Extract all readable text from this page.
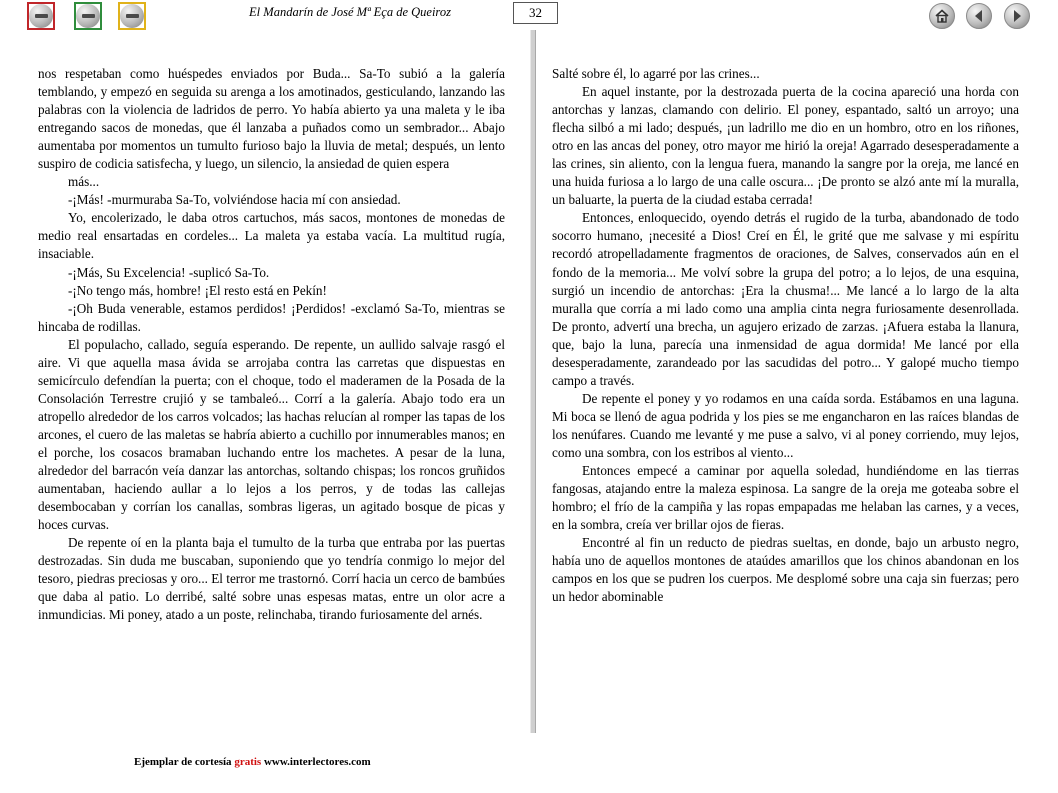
El Mandarín de José Mª Eça de Queiroz	32

nos respetaban como huéspedes enviados por Buda... Sa-To subió a la galería temblando, y empezó en seguida su arenga a los amotinados, gesticulando, lanzando las palabras con la violencia de ladridos de perro. Yo había abierto ya una maleta y le iba entregando sacos de monedas, que él lanzaba a puñados como un sembrador... Abajo aumentaba por momentos un tumulto furioso bajo la lluvia de metal; después, un lento suspiro de codicia satisfecha, y luego, un silencio, la ansiedad de quien espera

más...

-¡Más! -murmuraba Sa-To, volviéndose hacia mí con ansiedad.

Yo, encolerizado, le daba otros cartuchos, más sacos, montones de monedas de medio real ensartadas en cordeles... La maleta ya estaba vacía. La multitud rugía, insaciable.

-¡Más, Su Excelencia! -suplicó Sa-To.

-¡No tengo más, hombre! ¡El resto está en Pekín!

-¡Oh Buda venerable, estamos perdidos! ¡Perdidos! -exclamó Sa-To, mientras se hincaba de rodillas.

El populacho, callado, seguía esperando. De repente, un aullido salvaje rasgó el aire. Vi que aquella masa ávida se arrojaba contra las carretas que dispuestas en semicírculo defendían la puerta; con el choque, todo el maderamen de la Posada de la Consolación Terrestre crujió y se tambaleó... Corrí a la galería. Abajo todo era un atropello alrededor de los carros volcados; las hachas relucían al romper las tapas de los arcones, el cuero de las maletas se habría abierto a cuchillo por innumerables manos; en el porche, los cosacos bramaban luchando entre los machetes. A pesar de la luna, alrededor del barracón veía danzar las antorchas, soltando chispas; los roncos gruñidos aumentaban, haciendo aullar a lo lejos a los perros, y de todas las callejas desembocaban y corrían los canallas, sombras ligeras, un agitado bosque de picas y hoces curvas.

De repente oí en la planta baja el tumulto de la turba que entraba por las puertas destrozadas. Sin duda me buscaban, suponiendo que yo tendría conmigo lo mejor del tesoro, piedras preciosas y oro... El terror me trastornó. Corrí hacia un cerco de bambúes que daba al patio. Lo derribé, salté sobre unas espesas matas, entre un olor acre a inmundicias. Mi poney, atado a un poste, relinchaba, tirando furiosamente del arnés.

Salté sobre él, lo agarré por las crines...

En aquel instante, por la destrozada puerta de la cocina apareció una horda con antorchas y lanzas, clamando con delirio. El poney, espantado, saltó un arroyo; una flecha silbó a mi lado; después, ¡un ladrillo me dio en un hombro, otro en los riñones, otro en las ancas del poney, otro mayor me hirió la oreja! Agarrado desesperadamente a las crines, sin aliento, con la lengua fuera, manando la sangre por la oreja, me lancé en una huida furiosa a lo largo de una calle oscura... ¡De pronto se alzó ante mí la muralla, un baluarte, la puerta de la ciudad estaba cerrada!

Entonces, enloquecido, oyendo detrás el rugido de la turba, abandonado de todo socorro humano, ¡necesité a Dios! Creí en Él, le grité que me salvase y mi espíritu recordó atropelladamente fragmentos de oraciones, de Salves, conservados aún en el fondo de la memoria... Me volví sobre la grupa del potro; a lo lejos, de una esquina, surgió un incendio de antorchas: ¡Era la chusma!... Me lancé a lo largo de la alta muralla que corría a mi lado como una amplia cinta negra furiosamente desenrollada. De pronto, advertí una brecha, un agujero erizado de zarzas. ¡Afuera estaba la llanura, que, bajo la luna, parecía una inmensidad de agua dormida! Me lancé por ella desesperadamente, zarandeado por las sacudidas del potro... Y galopé mucho tiempo campo a través.

De repente el poney y yo rodamos en una caída sorda. Estábamos en una laguna. Mi boca se llenó de agua podrida y los pies se me engancharon en las raíces blandas de los nenúfares. Cuando me levanté y me puse a salvo, vi al poney corriendo, muy lejos, como una sombra, con los estribos al viento...

Entonces empecé a caminar por aquella soledad, hundiéndome en las tierras fangosas, atajando entre la maleza espinosa. La sangre de la oreja me goteaba sobre el hombro; el frío de la campiña y las ropas empapadas me helaban las carnes, y a veces, en la sombra, creía ver brillar ojos de fieras.

Encontré al fin un reducto de piedras sueltas, en donde, bajo un arbusto negro, había uno de aquellos montones de ataúdes amarillos que los chinos abandonan en los campos en los que se pudren los cuerpos. Me desplomé sobre una caja sin fuerzas; pero un hedor abominable

Ejemplar de cortesía gratis www.interlectores.com
